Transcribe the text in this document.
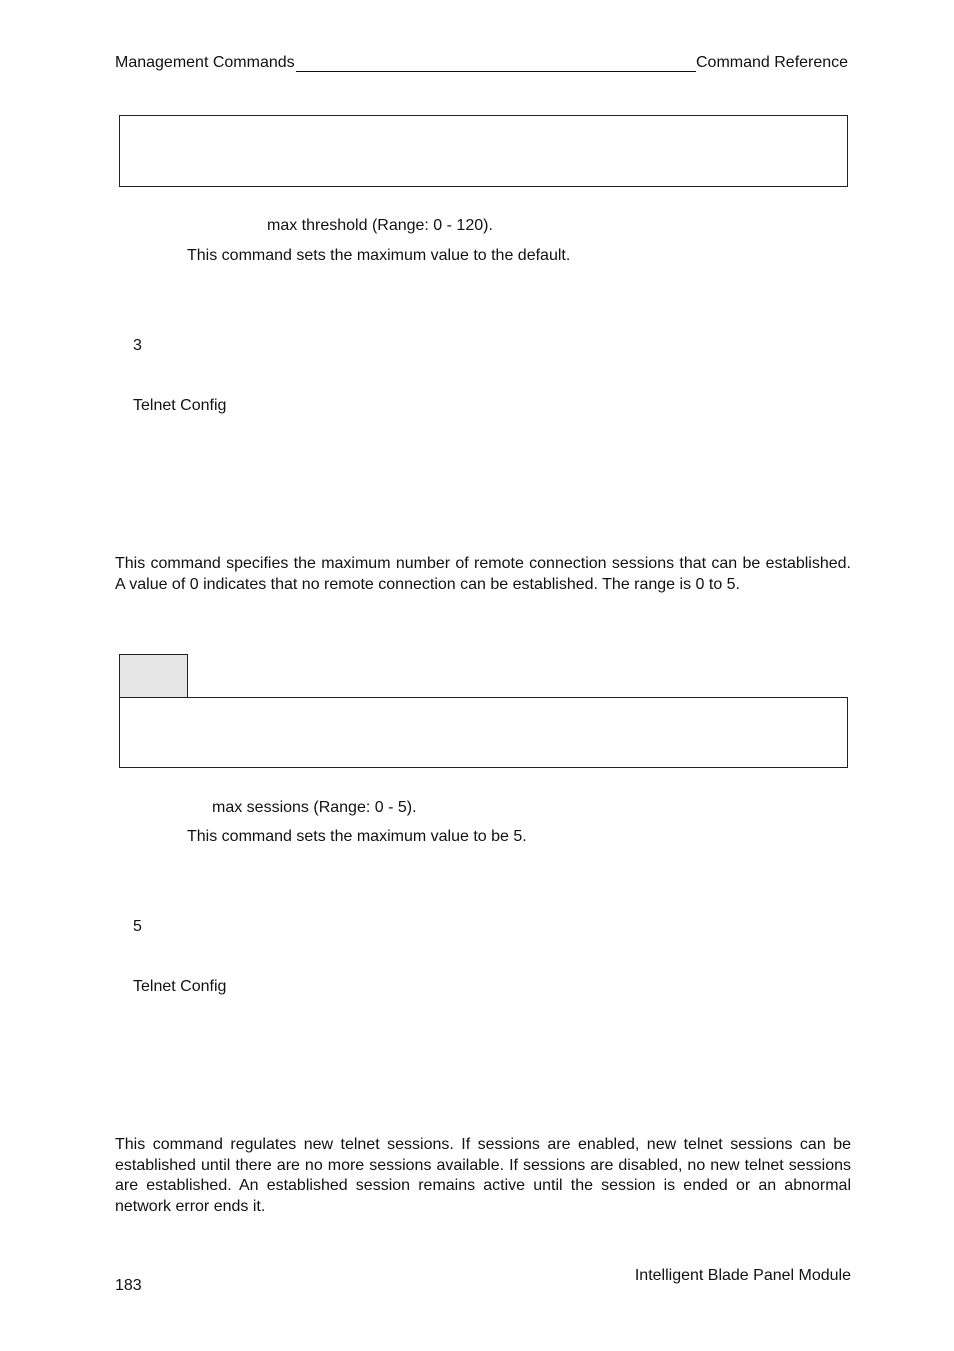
Management Commands	Command Reference
max threshold (Range: 0 - 120).
This command sets the maximum value to the default.
3
Telnet Config
This command specifies the maximum number of remote connection sessions that can be established. A value of 0 indicates that no remote connection can be established. The range is 0 to 5.
max sessions (Range: 0 - 5).
This command sets the maximum value to be 5.
5
Telnet Config
This command regulates new telnet sessions. If sessions are enabled, new telnet sessions can be established until there are no more sessions available. If sessions are disabled, no new telnet sessions are established. An established session remains active until the session is ended or an abnormal network error ends it.
183
Intelligent Blade Panel Module
